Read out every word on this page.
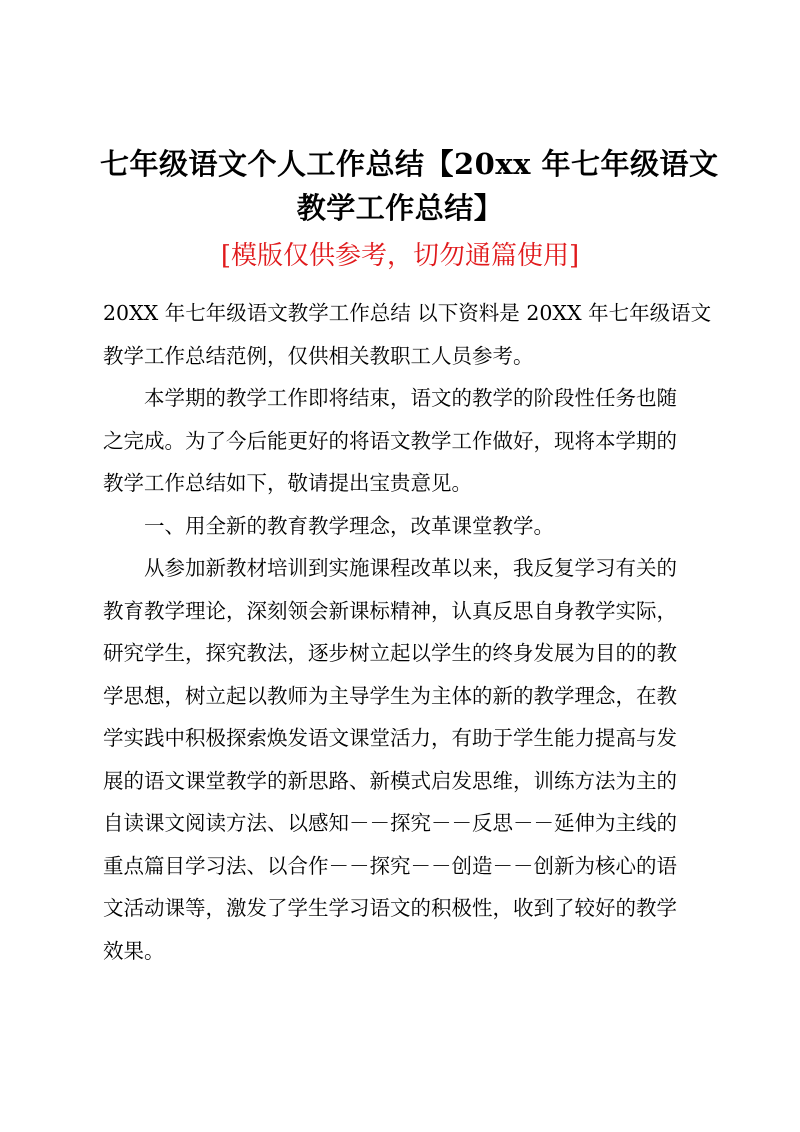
七年级语文个人工作总结【20xx 年七年级语文
教学工作总结】
[模版仅供参考，切勿通篇使用]
20XX 年七年级语文教学工作总结 以下资料是 20XX 年七年级语文
教学工作总结范例，仅供相关教职工人员参考。
本学期的教学工作即将结束，语文的教学的阶段性任务也随
之完成。为了今后能更好的将语文教学工作做好，现将本学期的
教学工作总结如下，敬请提出宝贵意见。
一、用全新的教育教学理念，改革课堂教学。
从参加新教材培训到实施课程改革以来，我反复学习有关的
教育教学理论，深刻领会新课标精神，认真反思自身教学实际，
研究学生，探究教法，逐步树立起以学生的终身发展为目的的教
学思想，树立起以教师为主导学生为主体的新的教学理念，在教
学实践中积极探索焕发语文课堂活力，有助于学生能力提高与发
展的语文课堂教学的新思路、新模式启发思维，训练方法为主的
自读课文阅读方法、以感知－－探究－－反思－－延伸为主线的
重点篇目学习法、以合作－－探究－－创造－－创新为核心的语
文活动课等，激发了学生学习语文的积极性，收到了较好的教学
效果。
